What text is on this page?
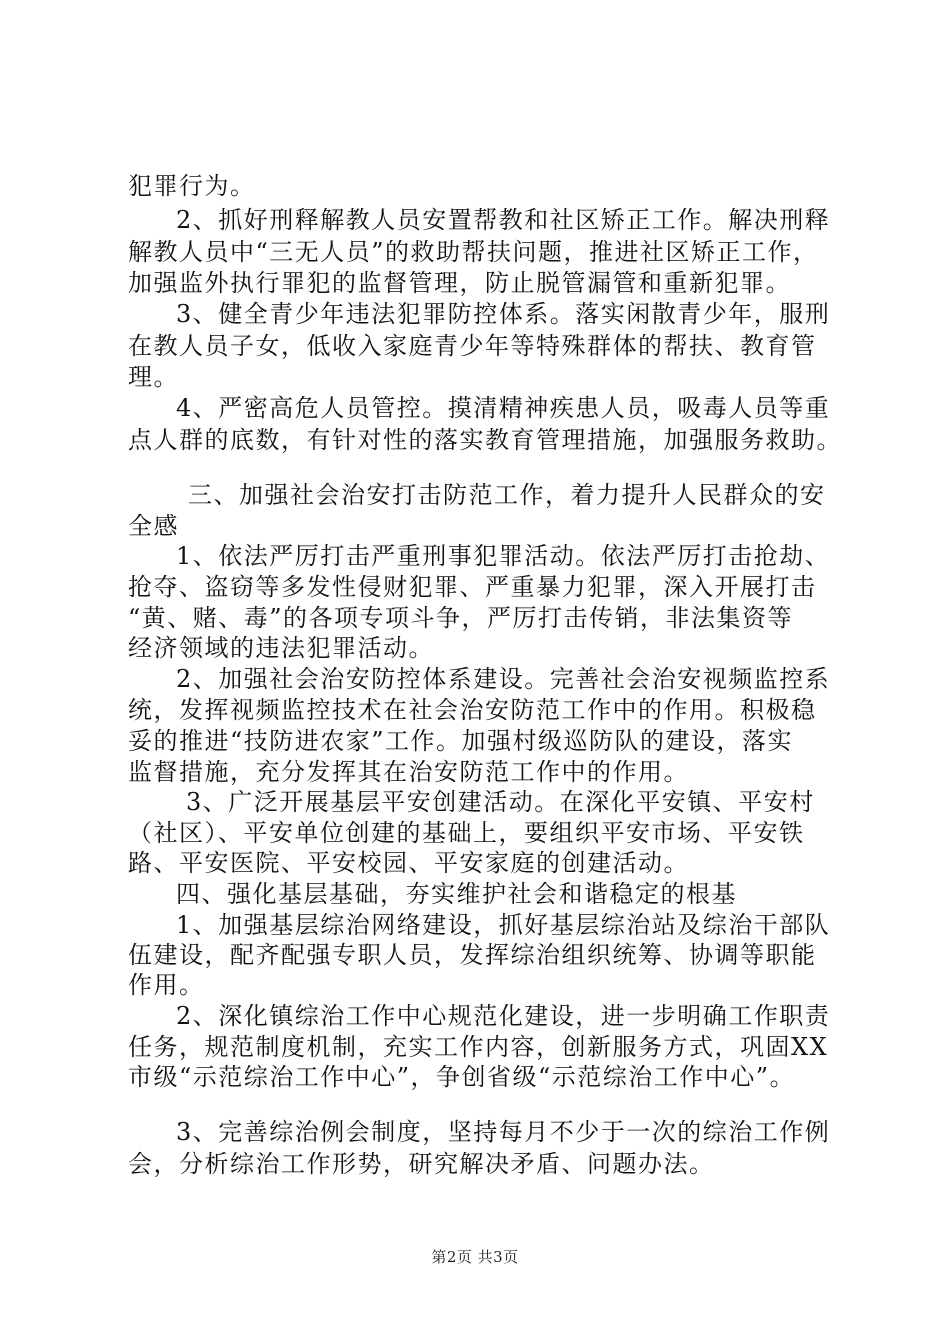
犯罪行为。
2、抓好刑释解教人员安置帮教和社区矫正工作。解决刑释
解教人员中“三无人员”的救助帮扶问题，推进社区矫正工作，
加强监外执行罪犯的监督管理，防止脱管漏管和重新犯罪。
3、健全青少年违法犯罪防控体系。落实闲散青少年，服刑
在教人员子女，低收入家庭青少年等特殊群体的帮扶、教育管
理。
4、严密高危人员管控。摸清精神疾患人员，吸毒人员等重
点人群的底数，有针对性的落实教育管理措施，加强服务救助。
三、加强社会治安打击防范工作，着力提升人民群众的安
全感
1、依法严厉打击严重刑事犯罪活动。依法严厉打击抢劫、
抢夺、盗窃等多发性侵财犯罪、严重暴力犯罪，深入开展打击
“黄、赌、毒”的各项专项斗争，严厉打击传销，非法集资等
经济领域的违法犯罪活动。
2、加强社会治安防控体系建设。完善社会治安视频监控系
统，发挥视频监控技术在社会治安防范工作中的作用。积极稳
妥的推进“技防进农家”工作。加强村级巡防队的建设，落实
监督措施，充分发挥其在治安防范工作中的作用。
3、广泛开展基层平安创建活动。在深化平安镇、平安村
（社区）、平安单位创建的基础上，要组织平安市场、平安铁
路、平安医院、平安校园、平安家庭的创建活动。
四、强化基层基础，夯实维护社会和谐稳定的根基
1、加强基层综治网络建设，抓好基层综治站及综治干部队
伍建设，配齐配强专职人员，发挥综治组织统筹、协调等职能
作用。
2、深化镇综治工作中心规范化建设，进一步明确工作职责
任务，规范制度机制，充实工作内容，创新服务方式，巩固XX
市级“示范综治工作中心”，争创省级“示范综治工作中心”。
3、完善综治例会制度，坚持每月不少于一次的综治工作例
会，分析综治工作形势，研究解决矛盾、问题办法。
第2页 共3页
